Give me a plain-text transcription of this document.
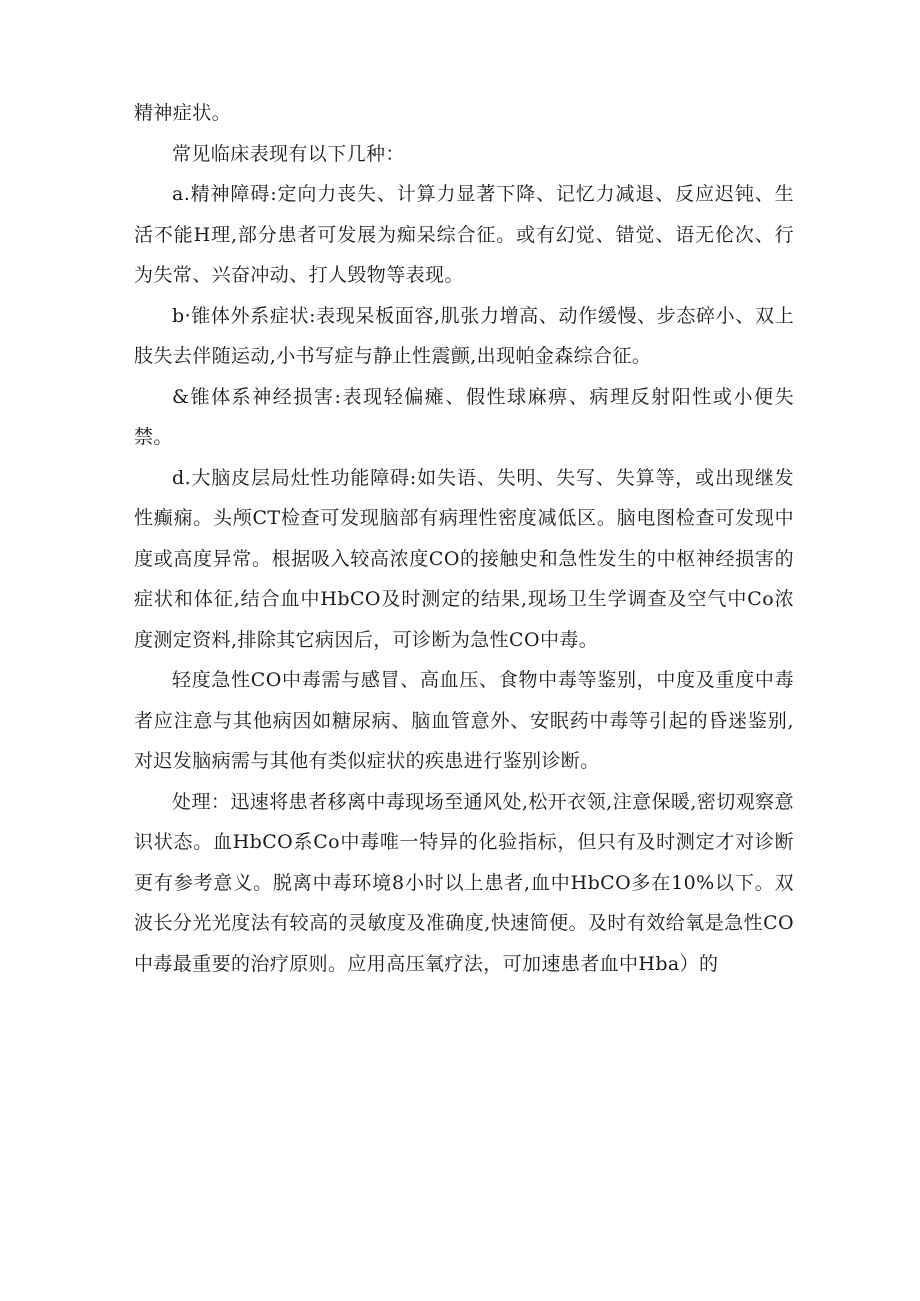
精神症状。

常见临床表现有以下几种：

a.精神障碍:定向力丧失、计算力显著下降、记忆力减退、反应迟钝、生活不能H理,部分患者可发展为痴呆综合征。或有幻觉、错觉、语无伦次、行为失常、兴奋冲动、打人毁物等表现。

b·锥体外系症状:表现呆板面容,肌张力增高、动作缓慢、步态碎小、双上肢失去伴随运动,小书写症与静止性震颤,出现帕金森综合征。

&锥体系神经损害:表现轻偏瘫、假性球麻痹、病理反射阳性或小便失禁。

d.大脑皮层局灶性功能障碍:如失语、失明、失写、失算等，或出现继发性癫痫。头颅CT检查可发现脑部有病理性密度减低区。脑电图检查可发现中度或高度异常。根据吸入较高浓度CO的接触史和急性发生的中枢神经损害的症状和体征,结合血中HbCO及时测定的结果,现场卫生学调查及空气中Co浓度测定资料,排除其它病因后，可诊断为急性CO中毒。

轻度急性CO中毒需与感冒、高血压、食物中毒等鉴别，中度及重度中毒者应注意与其他病因如糖尿病、脑血管意外、安眠药中毒等引起的昏迷鉴别,对迟发脑病需与其他有类似症状的疾患进行鉴别诊断。

处理：迅速将患者移离中毒现场至通风处,松开衣领,注意保暖,密切观察意识状态。血HbCO系Co中毒唯一特异的化验指标，但只有及时测定才对诊断更有参考意义。脱离中毒环境8小时以上患者,血中HbCO多在10%以下。双波长分光光度法有较高的灵敏度及准确度,快速简便。及时有效给氧是急性CO中毒最重要的治疗原则。应用高压氧疗法，可加速患者血中Hba）的
